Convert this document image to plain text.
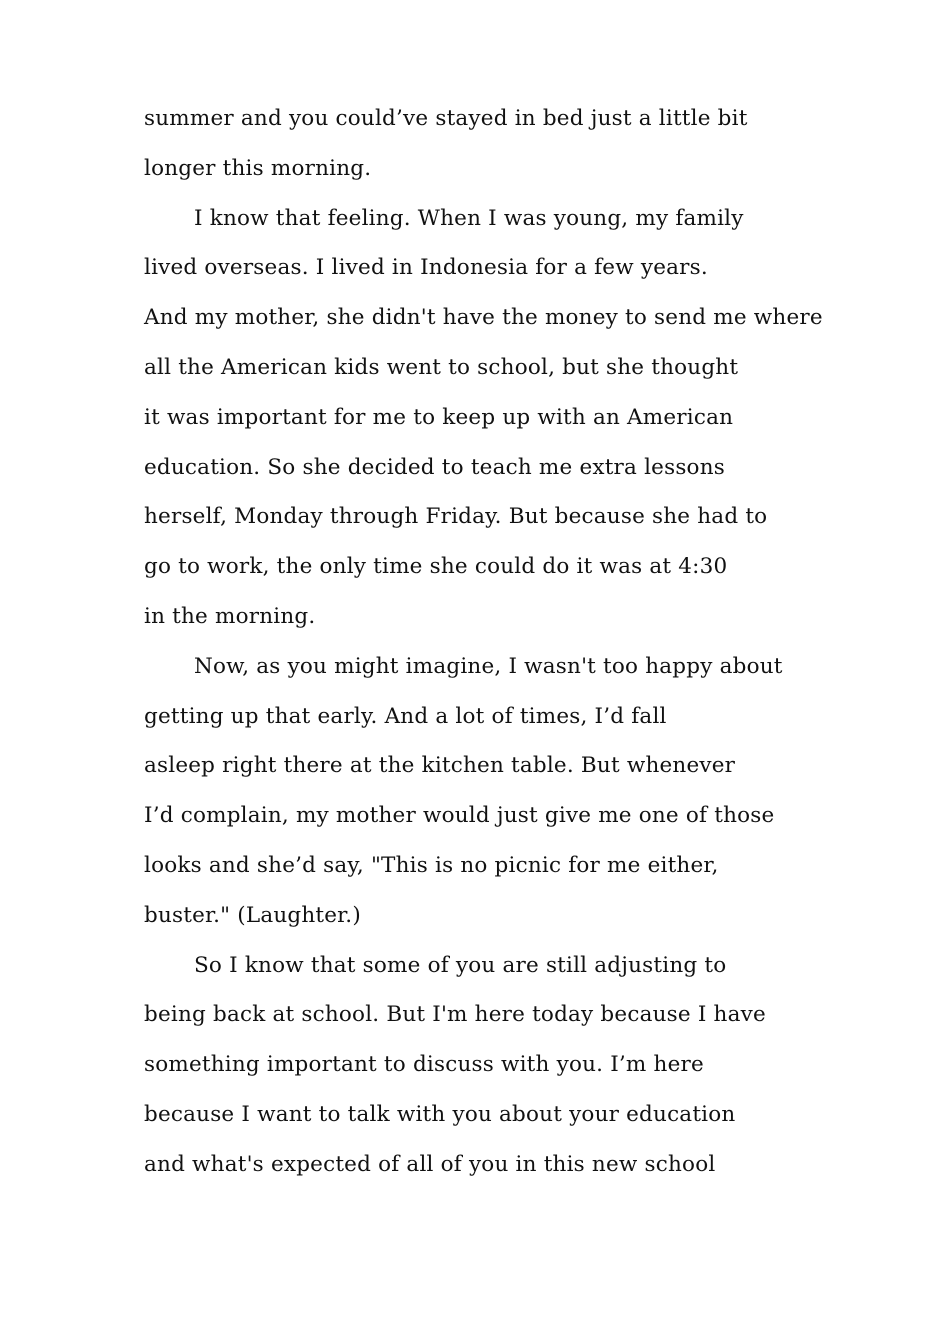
summer and you could’ve stayed in bed just a little bit
longer this morning.
I know that feeling. When I was young, my family
lived overseas. I lived in Indonesia for a few years.
And my mother, she didn't have the money to send me where
all the American kids went to school, but she thought
it was important for me to keep up with an American
education. So she decided to teach me extra lessons
herself, Monday through Friday. But because she had to
go to work, the only time she could do it was at 4:30
in the morning.
Now, as you might imagine, I wasn't too happy about
getting up that early. And a lot of times, I’d fall
asleep right there at the kitchen table. But whenever
I’d complain, my mother would just give me one of those
looks and she’d say, "This is no picnic for me either,
buster." (Laughter.)
So I know that some of you are still adjusting to
being back at school. But I'm here today because I have
something important to discuss with you. I’m here
because I want to talk with you about your education
and what's expected of all of you in this new school
